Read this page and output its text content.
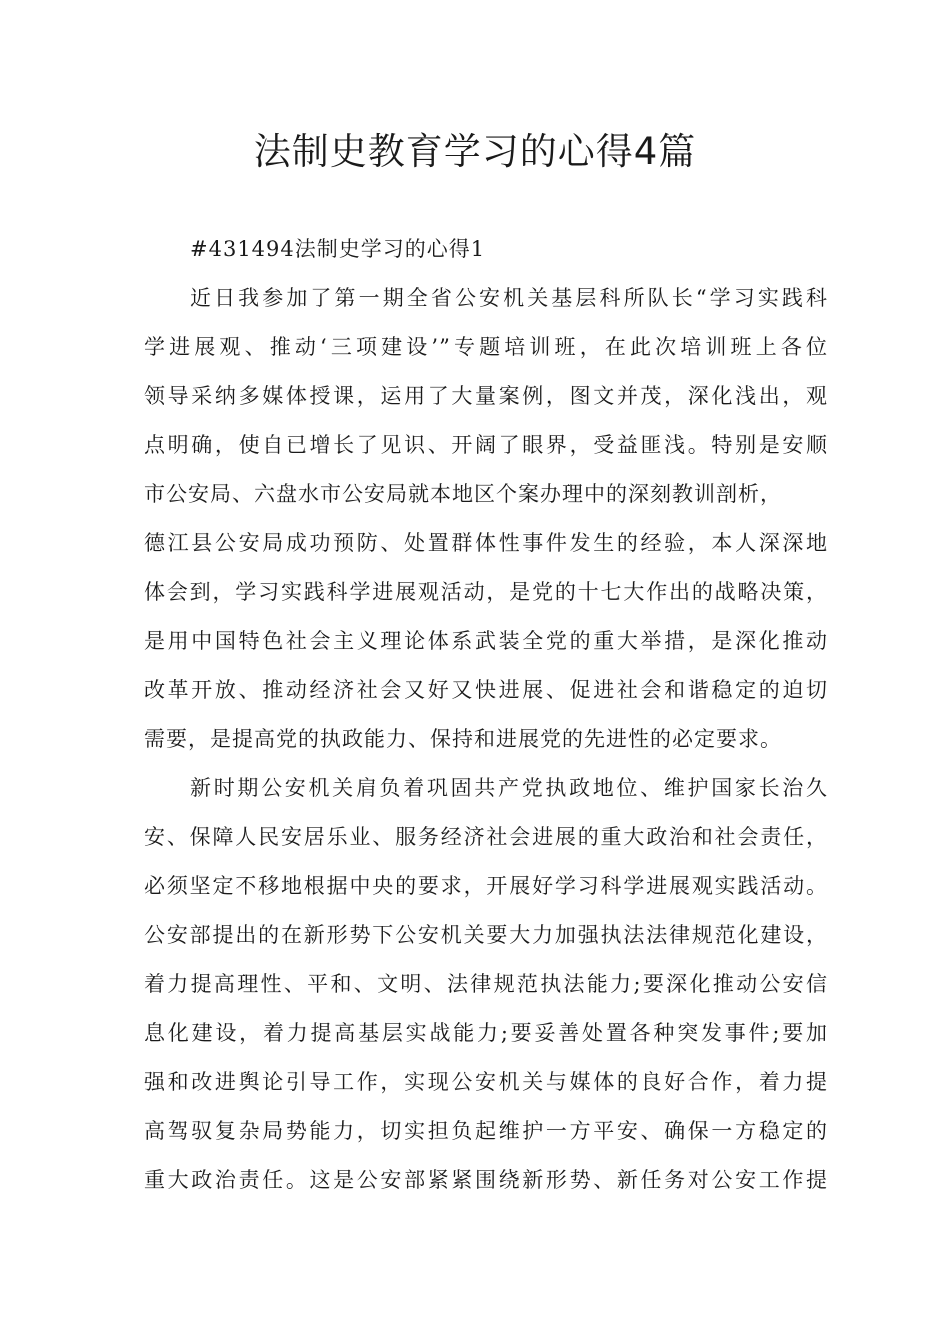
法制史教育学习的心得4篇

#431494法制史学习的心得1

近日我参加了第一期全省公安机关基层科所队长“学习实践科
学进展观、推动‘三项建设’”专题培训班，在此次培训班上各位
领导采纳多媒体授课，运用了大量案例，图文并茂，深化浅出，观
点明确，使自已增长了见识、开阔了眼界，受益匪浅。特别是安顺
市公安局、六盘水市公安局就本地区个案办理中的深刻教训剖析，
德江县公安局成功预防、处置群体性事件发生的经验，本人深深地
体会到，学习实践科学进展观活动，是党的十七大作出的战略决策，
是用中国特色社会主义理论体系武装全党的重大举措，是深化推动
改革开放、推动经济社会又好又快进展、促进社会和谐稳定的迫切
需要，是提高党的执政能力、保持和进展党的先进性的必定要求。

新时期公安机关肩负着巩固共产党执政地位、维护国家长治久
安、保障人民安居乐业、服务经济社会进展的重大政治和社会责任，
必须坚定不移地根据中央的要求，开展好学习科学进展观实践活动。
公安部提出的在新形势下公安机关要大力加强执法法律规范化建设，
着力提高理性、平和、文明、法律规范执法能力;要深化推动公安信
息化建设，着力提高基层实战能力;要妥善处置各种突发事件;要加
强和改进舆论引导工作，实现公安机关与媒体的良好合作，着力提
高驾驭复杂局势能力，切实担负起维护一方平安、确保一方稳定的
重大政治责任。这是公安部紧紧围绕新形势、新任务对公安工作提
